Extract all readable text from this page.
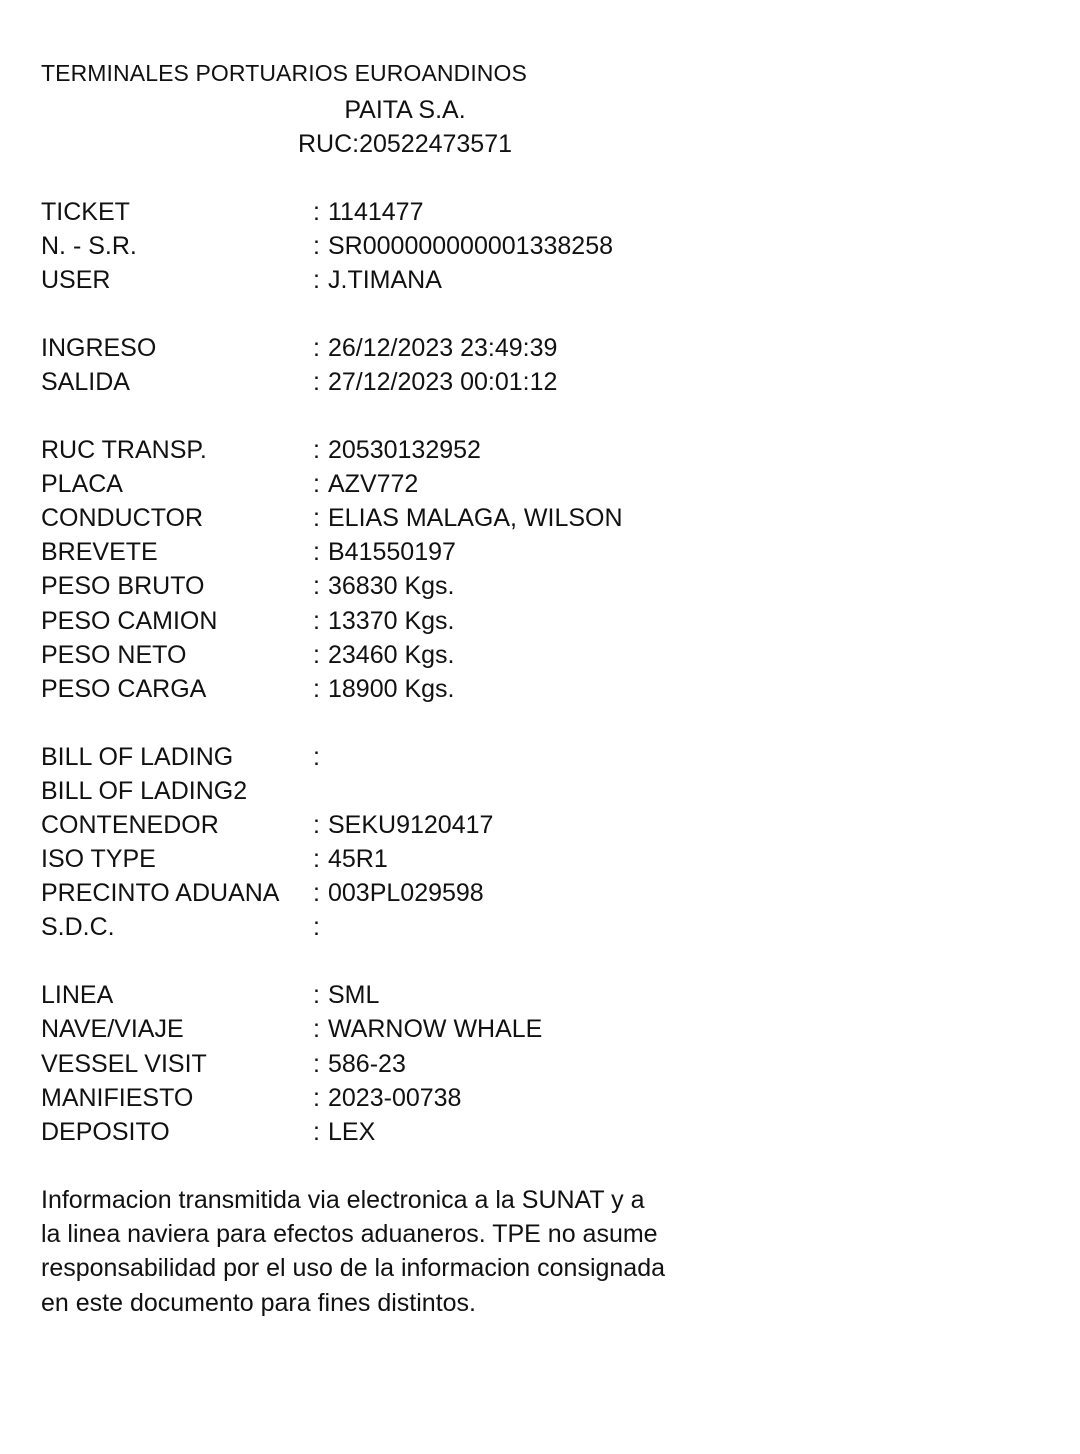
TERMINALES PORTUARIOS EUROANDINOS
PAITA S.A.
RUC:20522473571
TICKET	: 1141477
N. - S.R.	: SR000000000001338258
USER	: J.TIMANA
INGRESO	: 26/12/2023 23:49:39
SALIDA	: 27/12/2023 00:01:12
RUC TRANSP.	: 20530132952
PLACA	: AZV772
CONDUCTOR	: ELIAS MALAGA, WILSON
BREVETE	: B41550197
PESO BRUTO	: 36830 Kgs.
PESO CAMION	: 13370 Kgs.
PESO NETO	: 23460 Kgs.
PESO CARGA	: 18900 Kgs.
BILL OF LADING	:
BILL OF LADING2
CONTENEDOR	: SEKU9120417
ISO TYPE	: 45R1
PRECINTO ADUANA : 003PL029598
S.D.C.	:
LINEA	: SML
NAVE/VIAJE	: WARNOW WHALE
VESSEL VISIT	: 586-23
MANIFIESTO	: 2023-00738
DEPOSITO	: LEX
Informacion transmitida via electronica a la SUNAT y a
la linea naviera para efectos aduaneros. TPE no asume
responsabilidad por el uso de la informacion consignada
en este documento para fines distintos.
